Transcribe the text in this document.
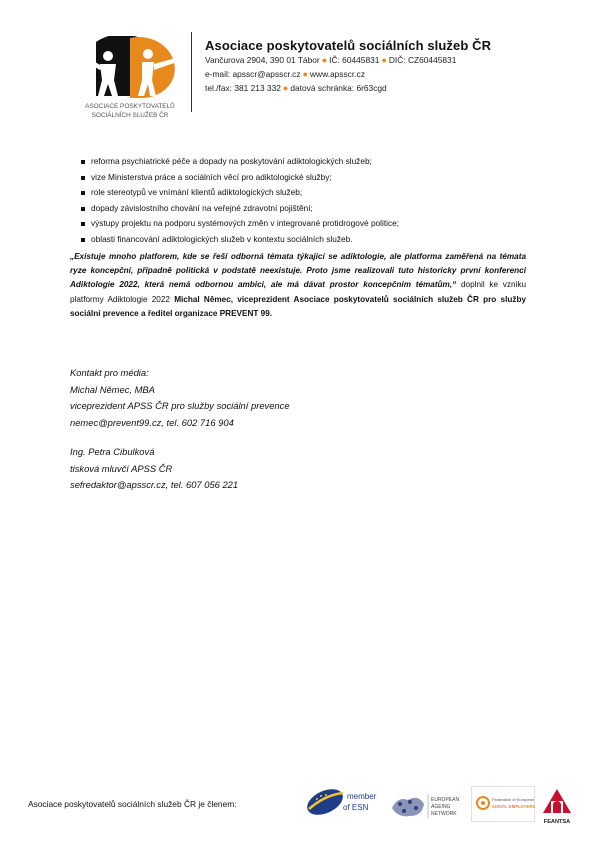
ASOCIACE POSKYTOVATELŮ
SOCIÁLNÍCH SLUŽEB ČR
Asociace poskytovatelů sociálních služeb ČR
Vančurova 2904, 390 01 Tábor ● IČ: 60445831 ● DIČ: CZ60445831
e-mail: apsscr@apsscr.cz ● www.apsscr.cz
tel./fax: 381 213 332 ● datová schránka: 6r63cgd
reforma psychiatrické péče a dopady na poskytování adiktologických služeb;
vize Ministerstva práce a sociálních věcí pro adiktologické služby;
role stereotypů ve vnímání klientů adiktologických služeb;
dopady závislostního chování na veřejné zdravotní pojištění;
výstupy projektu na podporu systémových změn v integrované protidrogové politice;
oblasti financování adiktologických služeb v kontextu sociálních služeb.

„Existuje mnoho platforem, kde se řeší odborná témata týkající se adiktologie, ale platforma zaměřená na témata ryze koncepční, případně politická v podstatě neexistuje. Proto jsme realizovali tuto historicky první konferenci Adiktologie 2022, která nemá odbornou ambici, ale má dávat prostor koncepčním tématům,“ doplnil ke vzniku platformy Adiktologie 2022 Michal Němec, viceprezident Asociace poskytovatelů sociálních služeb ČR pro služby sociální prevence a ředitel organizace PREVENT 99.

Kontakt pro média:
Michal Němec, MBA
viceprezident APSS ČR pro služby sociální prevence
nemec@prevent99.cz, tel. 602 716 904
Ing. Petra Cibulková
tisková mluvčí APSS ČR
sefredaktor@apsscr.cz, tel. 607 056 221
Asociace poskytovatelů sociálních služeb ČR je členem:
member
of ESN
EUROPEAN
AGEING
NETWORK
Federation of European
SOCIAL EMPLOYERS
FEANTSA
